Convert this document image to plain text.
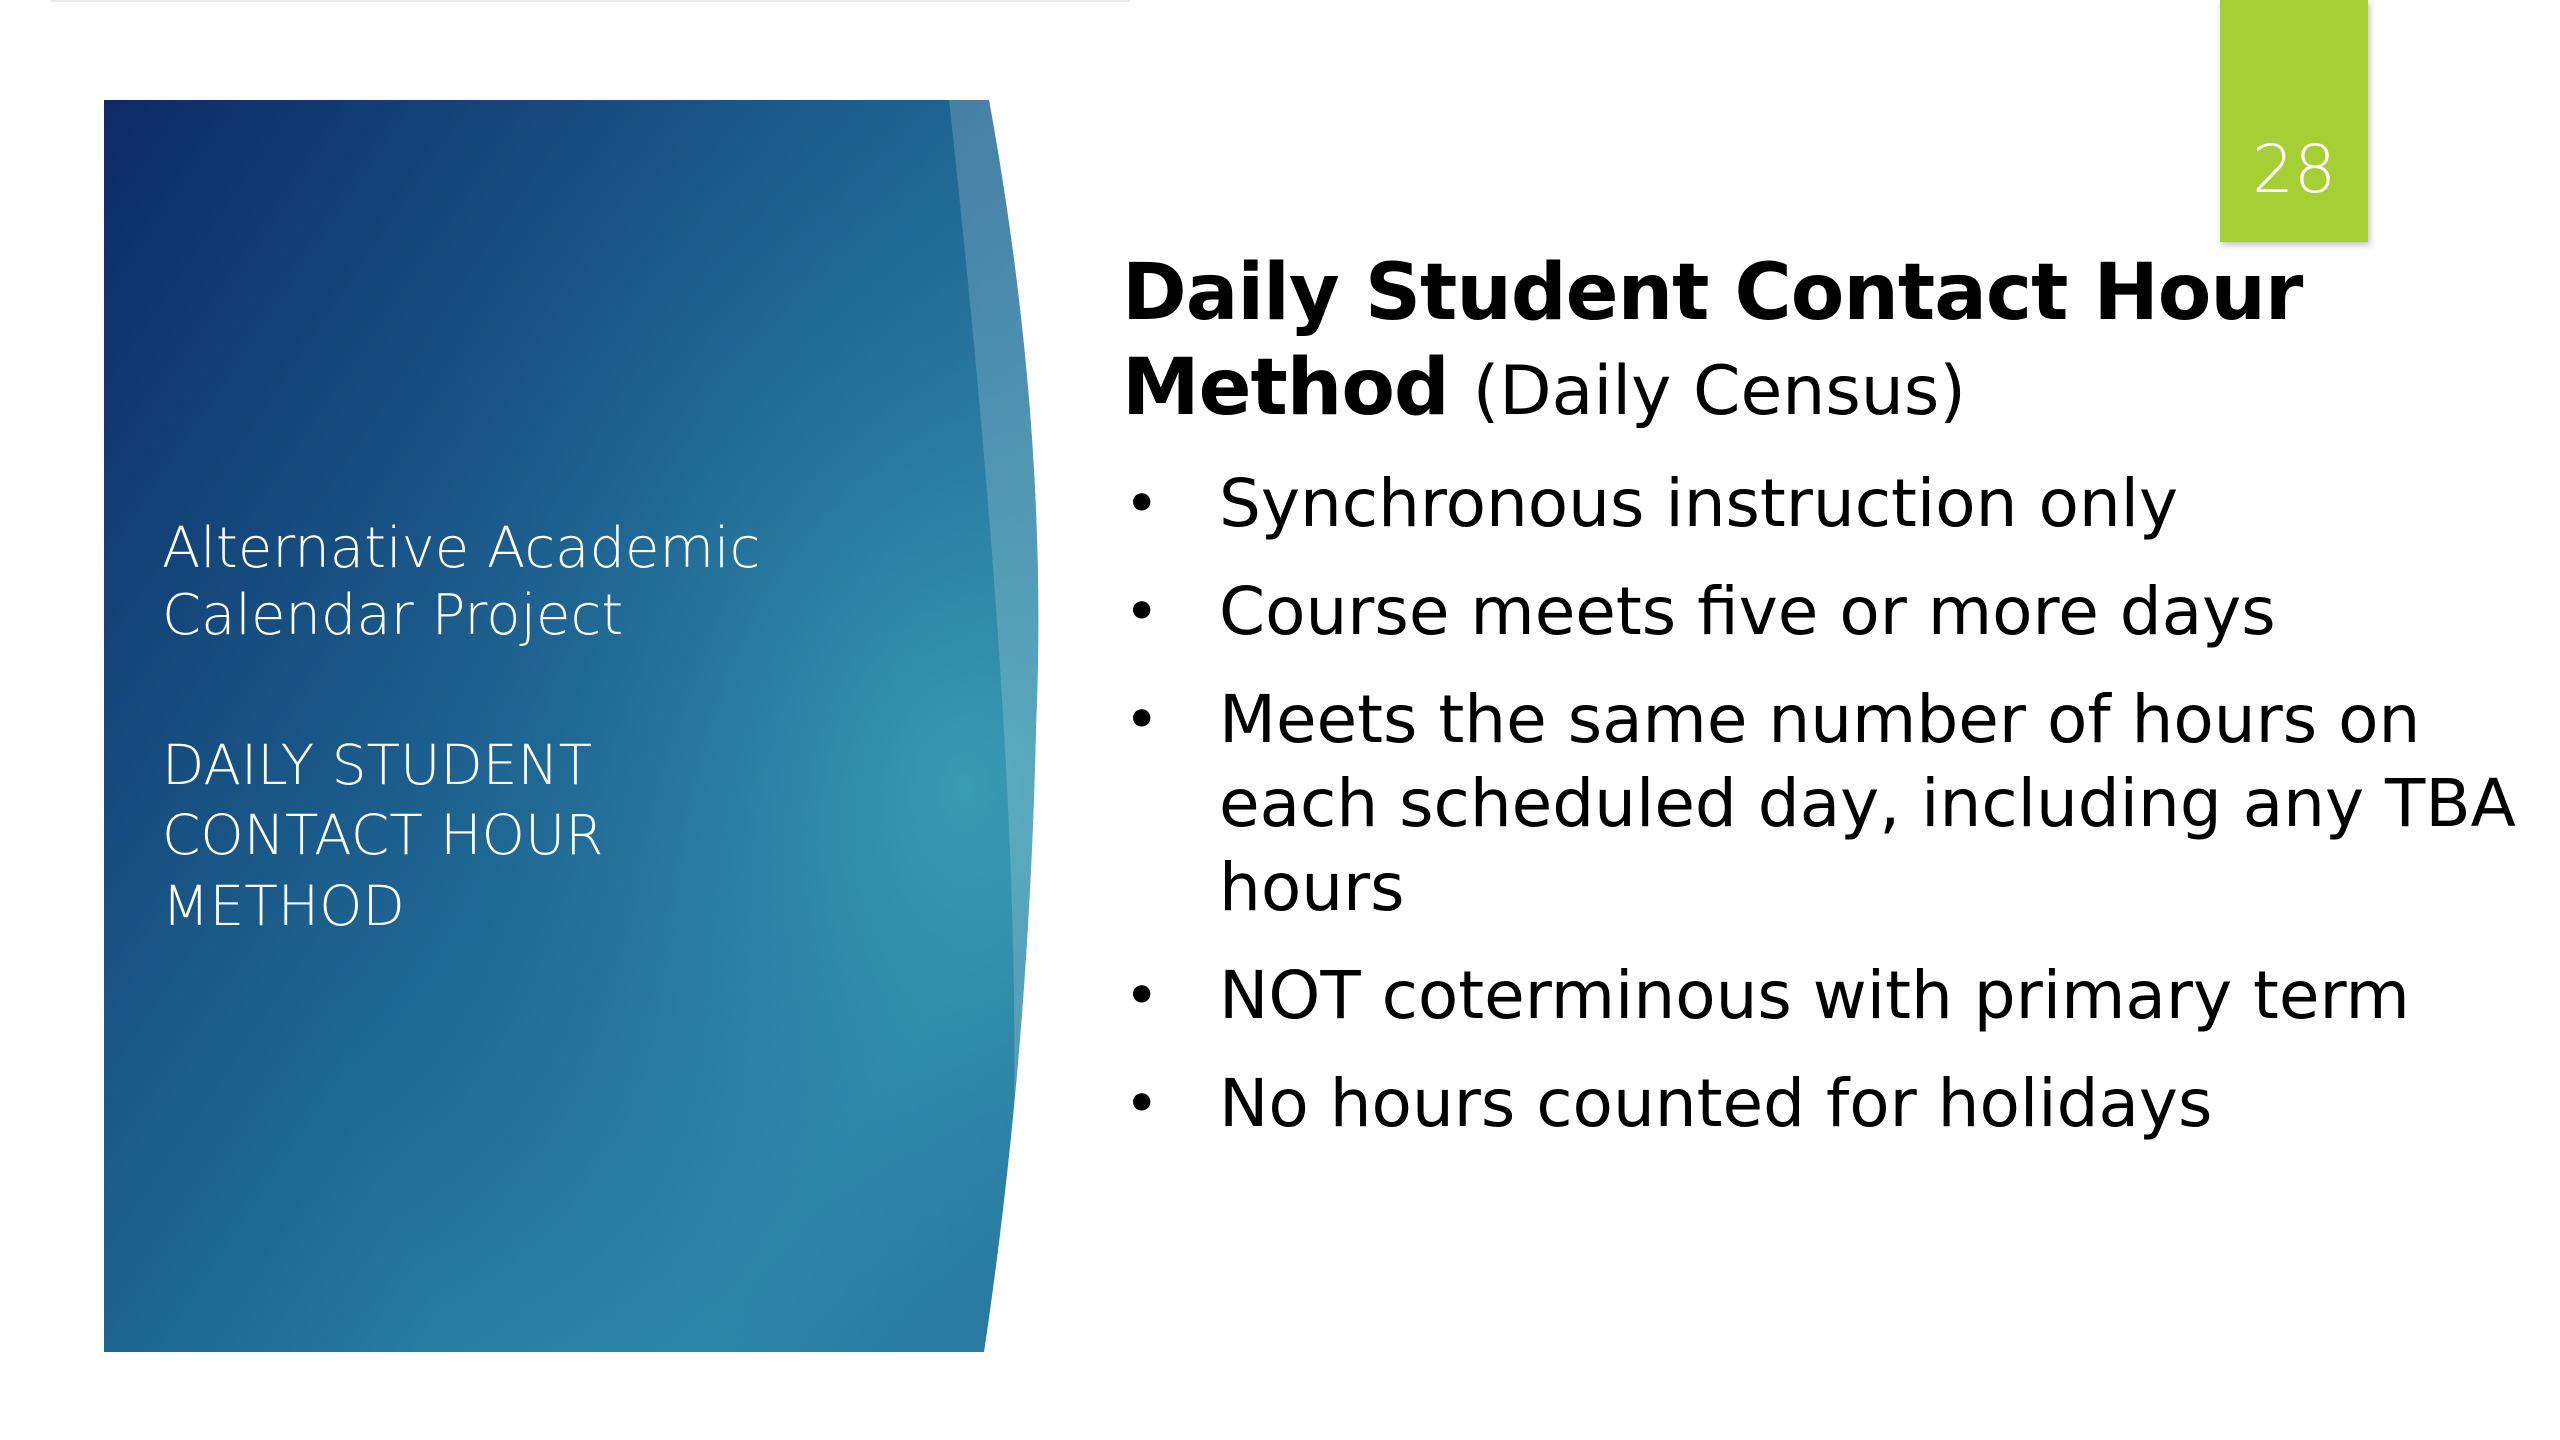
Alternative Academic
Calendar Project
DAILY STUDENT
CONTACT HOUR
METHOD
28
Daily Student Contact Hour
Method (Daily Census)
• Synchronous instruction only
• Course meets five or more days
• Meets the same number of hours on each scheduled day, including any TBA hours
• NOT coterminous with primary term
• No hours counted for holidays
